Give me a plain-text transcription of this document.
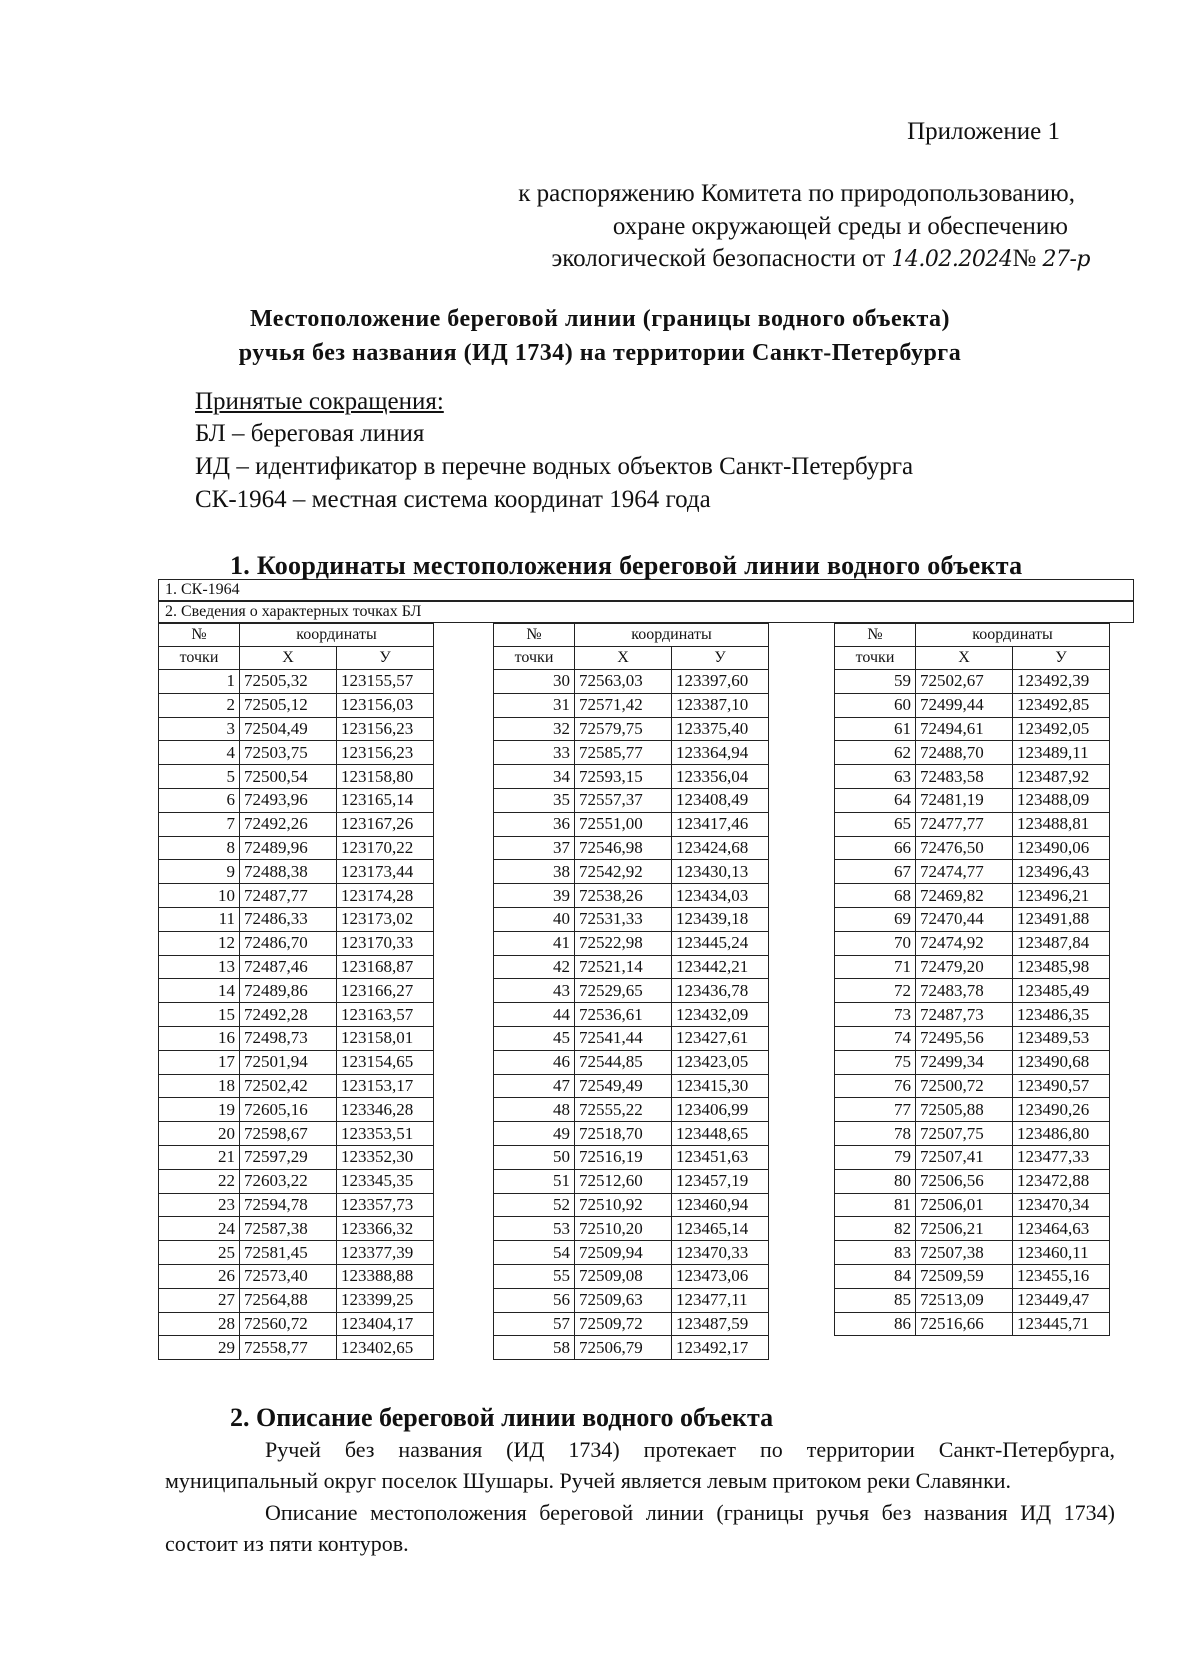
Приложение 1
к распоряжению Комитета по природопользованию,
охране окружающей среды и обеспечению
экологической безопасности от 14.02.2024№ 27-р
Местоположение береговой линии (границы водного объекта)
ручья без названия (ИД 1734) на территории Санкт-Петербурга
Принятые сокращения:
БЛ – береговая линия
ИД – идентификатор в перечне водных объектов Санкт-Петербурга
СК-1964 – местная система координат 1964 года
1. Координаты местоположения береговой линии водного объекта
1. СК-1964
2. Сведения о характерных точках БЛ
№	координаты	
точки	X	У
1	72505,32	123155,57
2	72505,12	123156,03
3	72504,49	123156,23
4	72503,75	123156,23
5	72500,54	123158,80
6	72493,96	123165,14
7	72492,26	123167,26
8	72489,96	123170,22
9	72488,38	123173,44
10	72487,77	123174,28
11	72486,33	123173,02
12	72486,70	123170,33
13	72487,46	123168,87
14	72489,86	123166,27
15	72492,28	123163,57
16	72498,73	123158,01
17	72501,94	123154,65
18	72502,42	123153,17
19	72605,16	123346,28
20	72598,67	123353,51
21	72597,29	123352,30
22	72603,22	123345,35
23	72594,78	123357,73
24	72587,38	123366,32
25	72581,45	123377,39
26	72573,40	123388,88
27	72564,88	123399,25
28	72560,72	123404,17
29	72558,77	123402,65
№	координаты	
точки	X	У
30	72563,03	123397,60
31	72571,42	123387,10
32	72579,75	123375,40
33	72585,77	123364,94
34	72593,15	123356,04
35	72557,37	123408,49
36	72551,00	123417,46
37	72546,98	123424,68
38	72542,92	123430,13
39	72538,26	123434,03
40	72531,33	123439,18
41	72522,98	123445,24
42	72521,14	123442,21
43	72529,65	123436,78
44	72536,61	123432,09
45	72541,44	123427,61
46	72544,85	123423,05
47	72549,49	123415,30
48	72555,22	123406,99
49	72518,70	123448,65
50	72516,19	123451,63
51	72512,60	123457,19
52	72510,92	123460,94
53	72510,20	123465,14
54	72509,94	123470,33
55	72509,08	123473,06
56	72509,63	123477,11
57	72509,72	123487,59
58	72506,79	123492,17
№	координаты	
точки	X	У
59	72502,67	123492,39
60	72499,44	123492,85
61	72494,61	123492,05
62	72488,70	123489,11
63	72483,58	123487,92
64	72481,19	123488,09
65	72477,77	123488,81
66	72476,50	123490,06
67	72474,77	123496,43
68	72469,82	123496,21
69	72470,44	123491,88
70	72474,92	123487,84
71	72479,20	123485,98
72	72483,78	123485,49
73	72487,73	123486,35
74	72495,56	123489,53
75	72499,34	123490,68
76	72500,72	123490,57
77	72505,88	123490,26
78	72507,75	123486,80
79	72507,41	123477,33
80	72506,56	123472,88
81	72506,01	123470,34
82	72506,21	123464,63
83	72507,38	123460,11
84	72509,59	123455,16
85	72513,09	123449,47
86	72516,66	123445,71
2. Описание береговой линии водного объекта
Ручей без названия (ИД 1734) протекает по территории Санкт-Петербурга, муниципальный округ поселок Шушары. Ручей является левым притоком реки Славянки.
Описание местоположения береговой линии (границы ручья без названия ИД 1734) состоит из пяти контуров.
